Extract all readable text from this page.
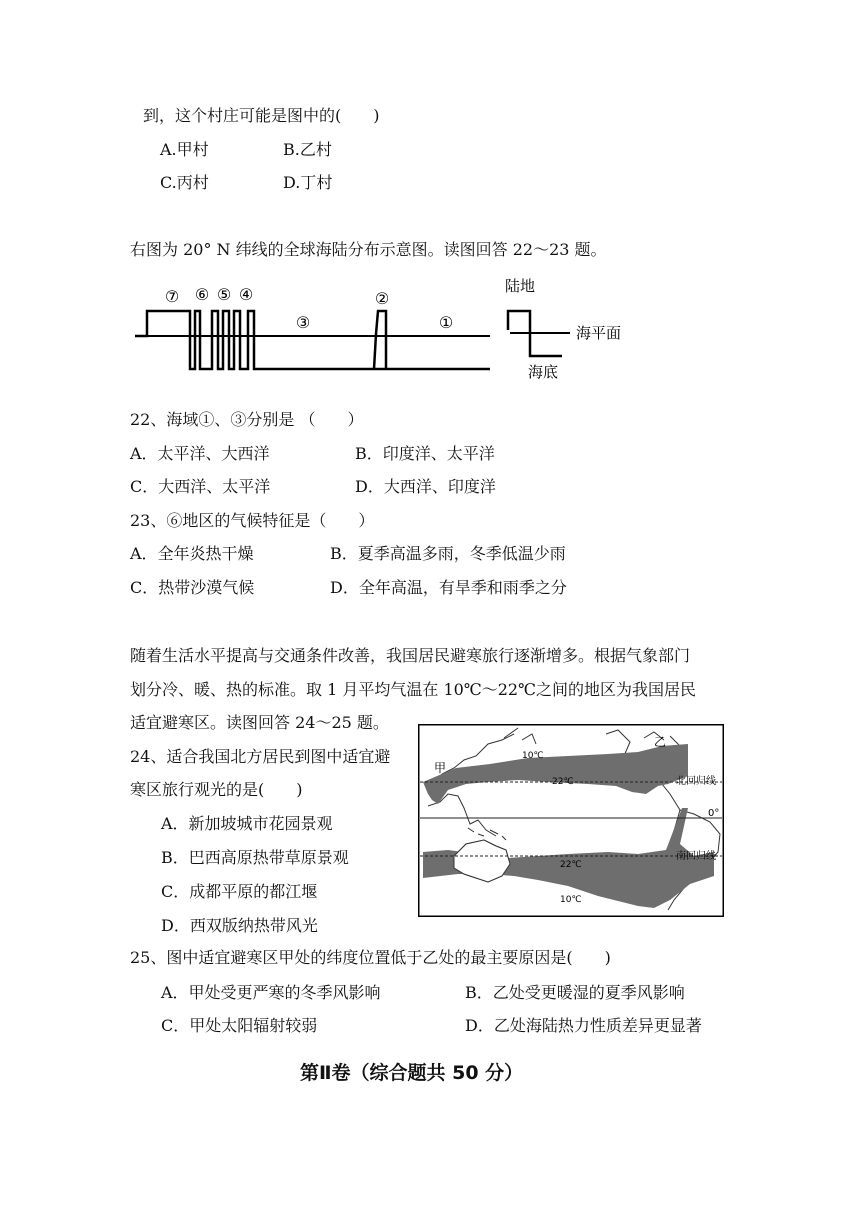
到，这个村庄可能是图中的(　　)
A.甲村	B.乙村
C.丙村	D.丁村
右图为 20° N 纬线的全球海陆分布示意图。读图回答 22～23 题。
⑦ ⑥ ⑤ ④
③
②
①
陆地
海平面
海底
22、海域①、③分别是 （　　）
A．太平洋、大西洋	B．印度洋、太平洋
C．大西洋、太平洋	D．大西洋、印度洋
23、⑥地区的气候特征是（　　）
A．全年炎热干燥	B．夏季高温多雨，冬季低温少雨
C．热带沙漠气候	D．全年高温，有旱季和雨季之分
随着生活水平提高与交通条件改善，我国居民避寒旅行逐渐增多。根据气象部门
划分冷、暖、热的标准。取 1 月平均气温在 10℃～22℃之间的地区为我国居民
适宜避寒区。读图回答 24～25 题。
24、适合我国北方居民到图中适宜避
寒区旅行观光的是(　　)
A．新加坡城市花园景观
B．巴西高原热带草原景观
C．成都平原的都江堰
D．西双版纳热带风光
甲
乙
10℃
22℃	北回归线
0°
南回归线
22℃
10℃
25、图中适宜避寒区甲处的纬度位置低于乙处的最主要原因是(　　)
A．甲处受更严寒的冬季风影响	B．乙处受更暖湿的夏季风影响
C．甲处太阳辐射较弱	D．乙处海陆热力性质差异更显著
第Ⅱ卷（综合题共 50 分）
